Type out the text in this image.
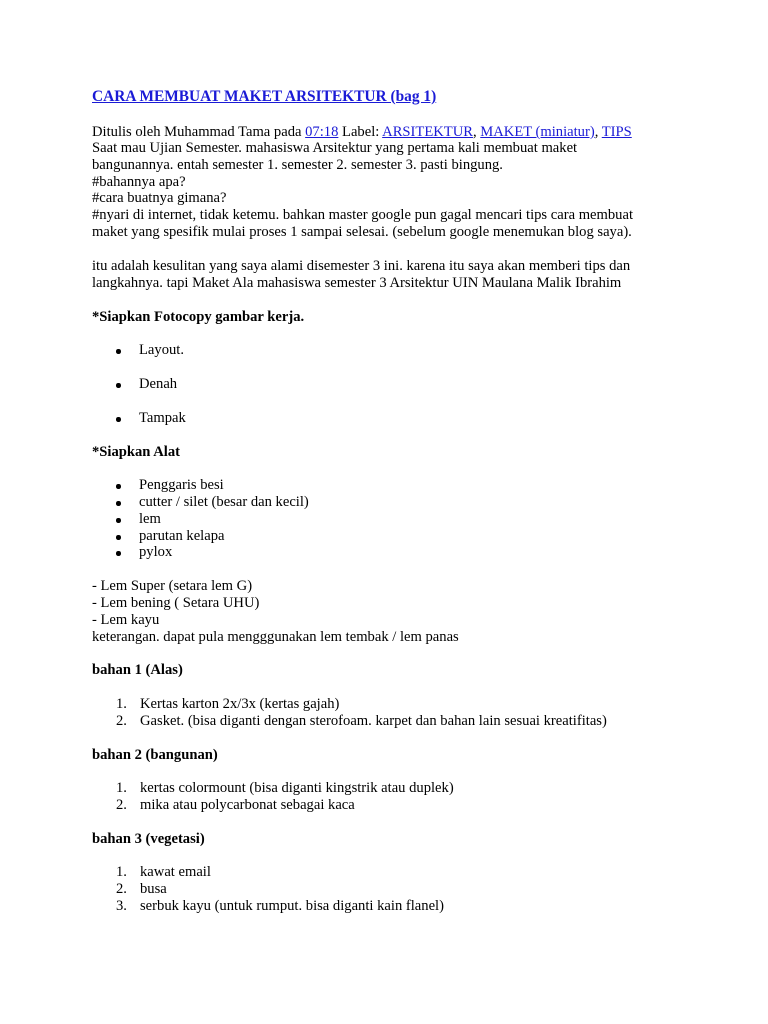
CARA MEMBUAT MAKET ARSITEKTUR (bag 1)
Ditulis oleh Muhammad Tama pada 07:18 Label: ARSITEKTUR, MAKET (miniatur), TIPS
Saat mau Ujian Semester. mahasiswa Arsitektur yang pertama kali membuat maket
bangunannya. entah semester 1. semester 2. semester 3. pasti bingung.
#bahannya apa?
#cara buatnya gimana?
#nyari di internet, tidak ketemu. bahkan master google pun gagal mencari tips cara membuat
maket yang spesifik mulai proses 1 sampai selesai. (sebelum google menemukan blog saya).
itu adalah kesulitan yang saya alami disemester 3 ini. karena itu saya akan memberi tips dan
langkahnya. tapi Maket Ala mahasiswa semester 3 Arsitektur UIN Maulana Malik Ibrahim
*Siapkan Fotocopy gambar kerja.
Layout.
Denah
Tampak
*Siapkan Alat
Penggaris besi
cutter / silet (besar dan kecil)
lem
parutan kelapa
pylox
- Lem Super (setara lem G)
- Lem bening ( Setara UHU)
- Lem kayu
keterangan. dapat pula mengggunakan lem tembak / lem panas
bahan 1 (Alas)
1. Kertas karton 2x/3x (kertas gajah)
2. Gasket. (bisa diganti dengan sterofoam. karpet dan bahan lain sesuai kreatifitas)
bahan 2 (bangunan)
1. kertas colormount (bisa diganti kingstrik atau duplek)
2. mika atau polycarbonat sebagai kaca
bahan 3 (vegetasi)
1. kawat email
2. busa
3. serbuk kayu (untuk rumput. bisa diganti kain flanel)
